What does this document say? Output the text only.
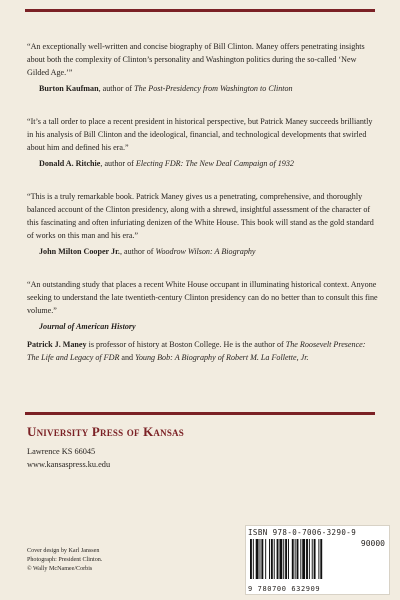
“An exceptionally well-written and concise biography of Bill Clinton. Maney offers penetrating insights about both the complexity of Clinton’s personality and Washington politics during the so-called ‘New Gilded Age.’”

Burton Kaufman, author of The Post-Presidency from Washington to Clinton

“It’s a tall order to place a recent president in historical perspective, but Patrick Maney succeeds brilliantly in his analysis of Bill Clinton and the ideological, financial, and technological developments that swirled about him and defined his era.”

Donald A. Ritchie, author of Electing FDR: The New Deal Campaign of 1932

“This is a truly remarkable book. Patrick Maney gives us a penetrating, comprehensive, and thoroughly balanced account of the Clinton presidency, along with a shrewd, insightful assessment of the character of this fascinating and often infuriating denizen of the White House. This book will stand as the gold standard of works on this man and his era.”

John Milton Cooper Jr., author of Woodrow Wilson: A Biography

“An outstanding study that places a recent White House occupant in illuminating historical context. Anyone seeking to understand the late twentieth-century Clinton presidency can do no better than to consult this fine volume.”

Journal of American History
Patrick J. Maney is professor of history at Boston College. He is the author of The Roosevelt Presence: The Life and Legacy of FDR and Young Bob: A Biography of Robert M. La Follette, Jr.
University Press of Kansas
Lawrence KS 66045
www.kansaspress.ku.edu
Cover design by Karl Janssen
Photograph: President Clinton.
© Wally McNamee/Corbis
ISBN 978-0-7006-3290-9
90000
9 780700 632909
